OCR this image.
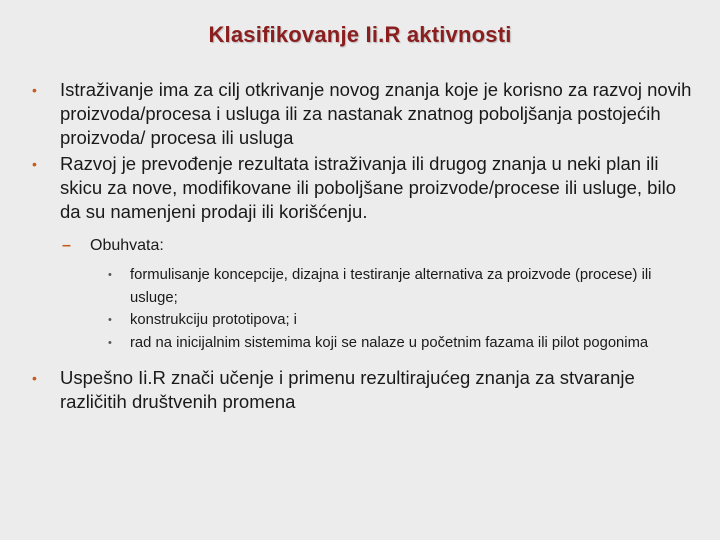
Klasifikovanje Ii.R aktivnosti
• Istraživanje ima za cilj otkrivanje novog znanja koje je korisno za razvoj novih proizvoda/procesa i usluga ili za nastanak znatnog poboljšanja postojećih proizvoda/ procesa ili usluga
• Razvoj je prevođenje rezultata istraživanja ili drugog znanja u neki plan ili skicu za nove, modifikovane ili poboljšane proizvode/procese ili usluge, bilo da su namenjeni prodaji ili korišćenju.
– Obuhvata:
• formulisanje koncepcije, dizajna i testiranje alternativa za proizvode (procese) ili usluge;
• konstrukciju prototipova; i
• rad na inicijalnim sistemima koji se nalaze u početnim fazama ili pilot pogonima
• Uspešno Ii.R znači učenje i primenu rezultirajućeg znanja za stvaranje različitih društvenih promena
